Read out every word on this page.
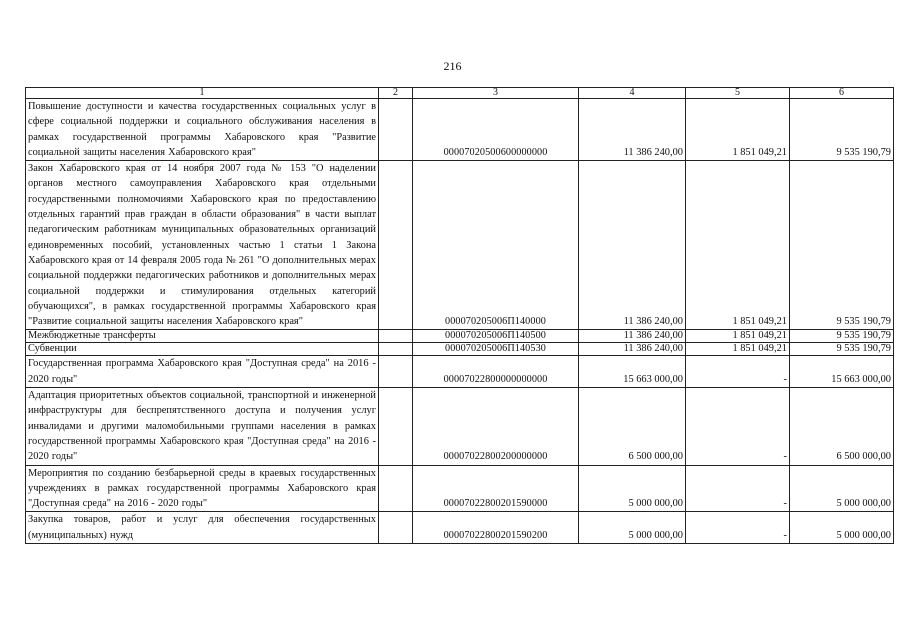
216
1	2	3	4	5	6
Повышение доступности и качества государственных социальных услуг в сфере социальной поддержки и социального обслуживания населения в рамках государственной программы Хабаровского края "Развитие социальной защиты населения Хабаровского края"		00007020500600000000	11 386 240,00	1 851 049,21	9 535 190,79
Закон Хабаровского края от 14 ноября 2007 года № 153 "О наделении органов местного самоуправления Хабаровского края отдельными государственными полномочиями Хабаровского края по предоставлению отдельных гарантий прав граждан в области образования" в части выплат педагогическим работникам муниципальных образовательных организаций единовременных пособий, установленных частью 1 статьи 1 Закона Хабаровского края от 14 февраля 2005 года № 261 "О дополнительных мерах социальной поддержки педагогических работников и дополнительных мерах социальной поддержки и стимулирования отдельных категорий обучающихся", в рамках государственной программы Хабаровского края "Развитие социальной защиты населения Хабаровского края"		000070205006П140000	11 386 240,00	1 851 049,21	9 535 190,79
Межбюджетные трансферты		000070205006П140500	11 386 240,00	1 851 049,21	9 535 190,79
Субвенции		000070205006П140530	11 386 240,00	1 851 049,21	9 535 190,79
Государственная программа Хабаровского края "Доступная среда" на 2016 - 2020 годы"		00007022800000000000	15 663 000,00	-	15 663 000,00
Адаптация приоритетных объектов социальной, транспортной и инженерной инфраструктуры для беспрепятственного доступа и получения услуг инвалидами и другими маломобильными группами населения в рамках государственной программы Хабаровского края "Доступная среда" на 2016 - 2020 годы"		00007022800200000000	6 500 000,00	-	6 500 000,00
Мероприятия по созданию безбарьерной среды в краевых государственных учреждениях в рамках государственной программы Хабаровского края "Доступная среда" на 2016 - 2020 годы"		00007022800201590000	5 000 000,00	-	5 000 000,00
Закупка товаров, работ и услуг для обеспечения государственных (муниципальных) нужд		00007022800201590200	5 000 000,00	-	5 000 000,00
